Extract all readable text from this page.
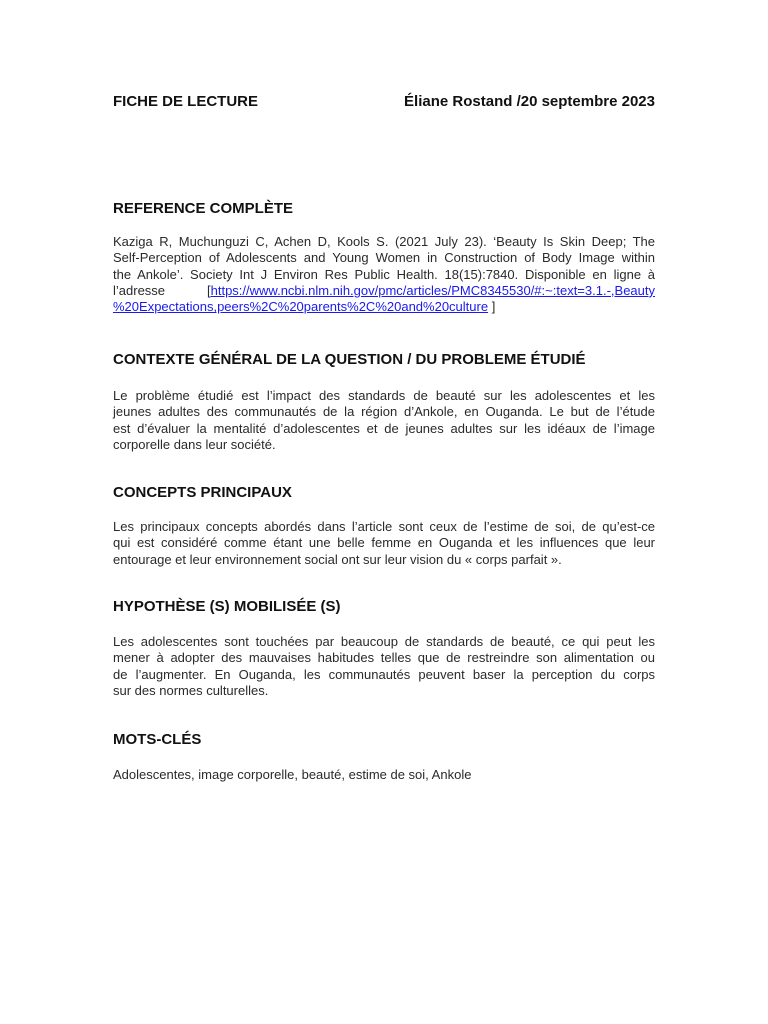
FICHE DE LECTURE	Éliane Rostand /20 septembre 2023
REFERENCE COMPLÈTE
Kaziga R, Muchunguzi C, Achen D, Kools S. (2021 July 23). ‘Beauty Is Skin Deep; The
Self-Perception of Adolescents and Young Women in Construction of Body Image within
the Ankole’. Society Int J Environ Res Public Health. 18(15):7840. Disponible en ligne à
l’adresse [https://www.ncbi.nlm.nih.gov/pmc/articles/PMC8345530/#:~:text=3.1.-,Beauty
%20Expectations,peers%2C%20parents%2C%20and%20culture ]
CONTEXTE GÉNÉRAL DE LA QUESTION / DU PROBLEME ÉTUDIÉ
Le problème étudié est l’impact des standards de beauté sur les adolescentes et les
jeunes adultes des communautés de la région d’Ankole, en Ouganda. Le but de l’étude
est d’évaluer la mentalité d’adolescentes et de jeunes adultes sur les idéaux de l’image
corporelle dans leur société.
CONCEPTS PRINCIPAUX
Les principaux concepts abordés dans l’article sont ceux de l’estime de soi, de qu’est-ce
qui est considéré comme étant une belle femme en Ouganda et les influences que leur
entourage et leur environnement social ont sur leur vision du « corps parfait ».
HYPOTHÈSE (S) MOBILISÉE (S)
Les adolescentes sont touchées par beaucoup de standards de beauté, ce qui peut les
mener à adopter des mauvaises habitudes telles que de restreindre son alimentation ou
de l’augmenter. En Ouganda, les communautés peuvent baser la perception du corps
sur des normes culturelles.
MOTS-CLÉS
Adolescentes, image corporelle, beauté, estime de soi, Ankole
